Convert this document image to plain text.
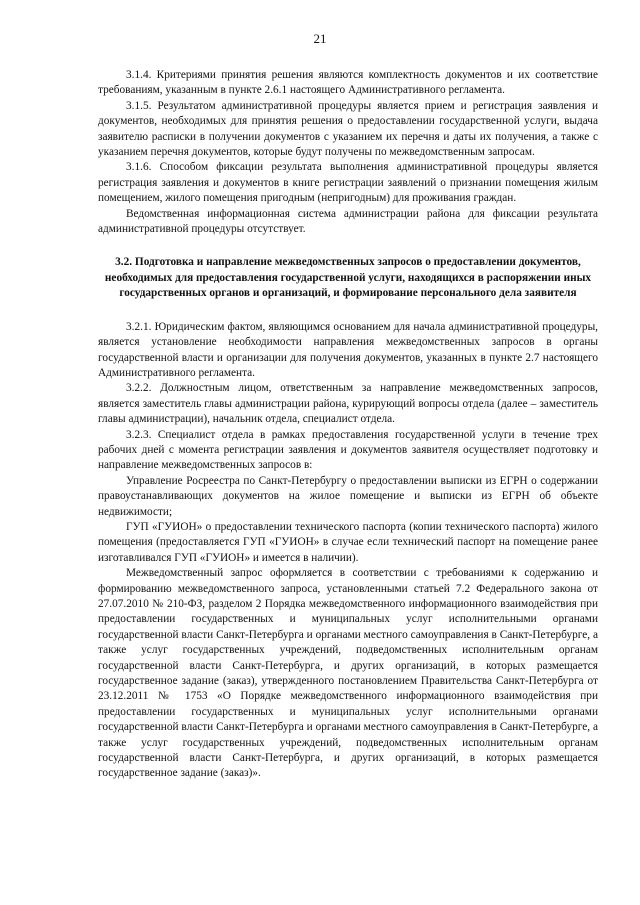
21

3.1.4. Критериями принятия решения являются комплектность документов и их соответствие требованиям, указанным в пункте 2.6.1 настоящего Административного регламента.

3.1.5. Результатом административной процедуры является прием и регистрация заявления и документов, необходимых для принятия решения о предоставлении государственной услуги, выдача заявителю расписки в получении документов с указанием их перечня и даты их получения, а также с указанием перечня документов, которые будут получены по межведомственным запросам.

3.1.6. Способом фиксации результата выполнения административной процедуры является регистрация заявления и документов в книге регистрации заявлений о признании помещения жилым помещением, жилого помещения пригодным (непригодным) для проживания граждан.

Ведомственная информационная система администрации района для фиксации результата административной процедуры отсутствует.

3.2. Подготовка и направление межведомственных запросов о предоставлении документов, необходимых для предоставления государственной услуги, находящихся в распоряжении иных государственных органов и организаций, и формирование персонального дела заявителя

3.2.1. Юридическим фактом, являющимся основанием для начала административной процедуры, является установление необходимости направления межведомственных запросов в органы государственной власти и организации для получения документов, указанных в пункте 2.7 настоящего Административного регламента.

3.2.2. Должностным лицом, ответственным за направление межведомственных запросов, является заместитель главы администрации района, курирующий вопросы отдела (далее – заместитель главы администрации), начальник отдела, специалист отдела.

3.2.3. Специалист отдела в рамках предоставления государственной услуги в течение трех рабочих дней с момента регистрации заявления и документов заявителя осуществляет подготовку и направление межведомственных запросов в:

Управление Росреестра по Санкт-Петербургу о предоставлении выписки из ЕГРН о содержании правоустанавливающих документов на жилое помещение и выписки из ЕГРН об объекте недвижимости;

ГУП «ГУИОН» о предоставлении технического паспорта (копии технического паспорта) жилого помещения (предоставляется ГУП «ГУИОН» в случае если технический паспорт на помещение ранее изготавливался ГУП «ГУИОН» и имеется в наличии).

Межведомственный запрос оформляется в соответствии с требованиями к содержанию и формированию межведомственного запроса, установленными статьей 7.2 Федерального закона от 27.07.2010 № 210-ФЗ, разделом 2 Порядка межведомственного информационного взаимодействия при предоставлении государственных и муниципальных услуг исполнительными органами государственной власти Санкт-Петербурга и органами местного самоуправления в Санкт-Петербурге, а также услуг государственных учреждений, подведомственных исполнительным органам государственной власти Санкт-Петербурга, и других организаций, в которых размещается государственное задание (заказ), утвержденного постановлением Правительства Санкт-Петербурга от 23.12.2011 № 1753 «О Порядке межведомственного информационного взаимодействия при предоставлении государственных и муниципальных услуг исполнительными органами государственной власти Санкт-Петербурга и органами местного самоуправления в Санкт-Петербурге, а также услуг государственных учреждений, подведомственных исполнительным органам государственной власти Санкт-Петербурга, и других организаций, в которых размещается государственное задание (заказ)».
